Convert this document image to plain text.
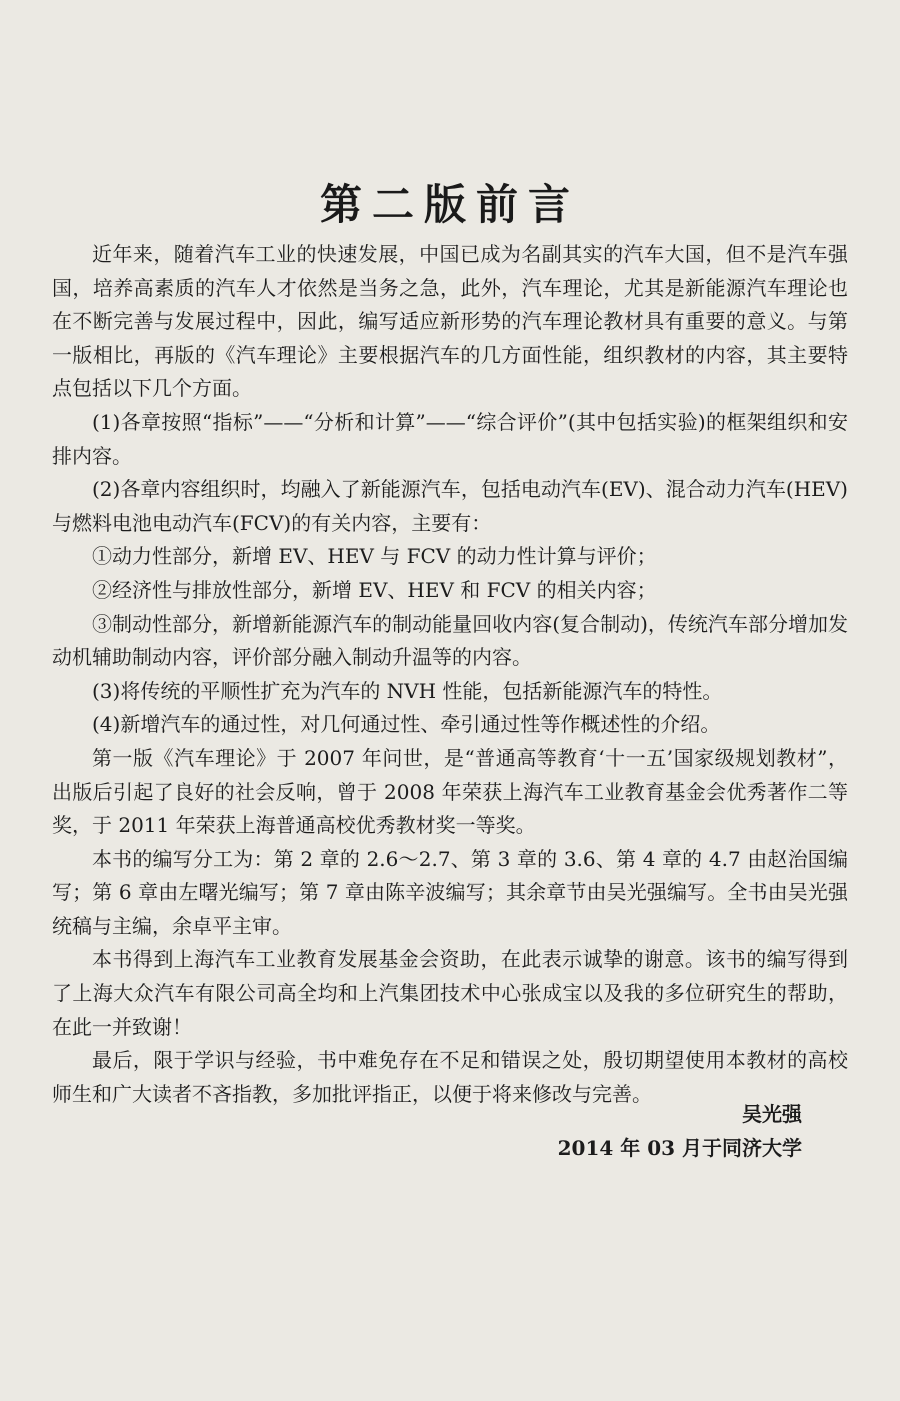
第二版前言

近年来，随着汽车工业的快速发展，中国已成为名副其实的汽车大国，但不是汽车强国，培养高素质的汽车人才依然是当务之急，此外，汽车理论，尤其是新能源汽车理论也在不断完善与发展过程中，因此，编写适应新形势的汽车理论教材具有重要的意义。与第一版相比，再版的《汽车理论》主要根据汽车的几方面性能，组织教材的内容，其主要特点包括以下几个方面。

(1)各章按照“指标”——“分析和计算”——“综合评价”(其中包括实验)的框架组织和安排内容。

(2)各章内容组织时，均融入了新能源汽车，包括电动汽车(EV)、混合动力汽车(HEV)与燃料电池电动汽车(FCV)的有关内容，主要有：

①动力性部分，新增 EV、HEV 与 FCV 的动力性计算与评价；

②经济性与排放性部分，新增 EV、HEV 和 FCV 的相关内容；

③制动性部分，新增新能源汽车的制动能量回收内容(复合制动)，传统汽车部分增加发动机辅助制动内容，评价部分融入制动升温等的内容。

(3)将传统的平顺性扩充为汽车的 NVH 性能，包括新能源汽车的特性。

(4)新增汽车的通过性，对几何通过性、牵引通过性等作概述性的介绍。

第一版《汽车理论》于 2007 年问世，是“普通高等教育‘十一五’国家级规划教材”，出版后引起了良好的社会反响，曾于 2008 年荣获上海汽车工业教育基金会优秀著作二等奖，于 2011 年荣获上海普通高校优秀教材奖一等奖。

本书的编写分工为：第 2 章的 2.6～2.7、第 3 章的 3.6、第 4 章的 4.7 由赵治国编写；第 6 章由左曙光编写；第 7 章由陈辛波编写；其余章节由吴光强编写。全书由吴光强统稿与主编，余卓平主审。

本书得到上海汽车工业教育发展基金会资助，在此表示诚挚的谢意。该书的编写得到了上海大众汽车有限公司高全均和上汽集团技术中心张成宝以及我的多位研究生的帮助，在此一并致谢！

最后，限于学识与经验，书中难免存在不足和错误之处，殷切期望使用本教材的高校师生和广大读者不吝指教，多加批评指正，以便于将来修改与完善。

吴光强
2014 年 03 月于同济大学
